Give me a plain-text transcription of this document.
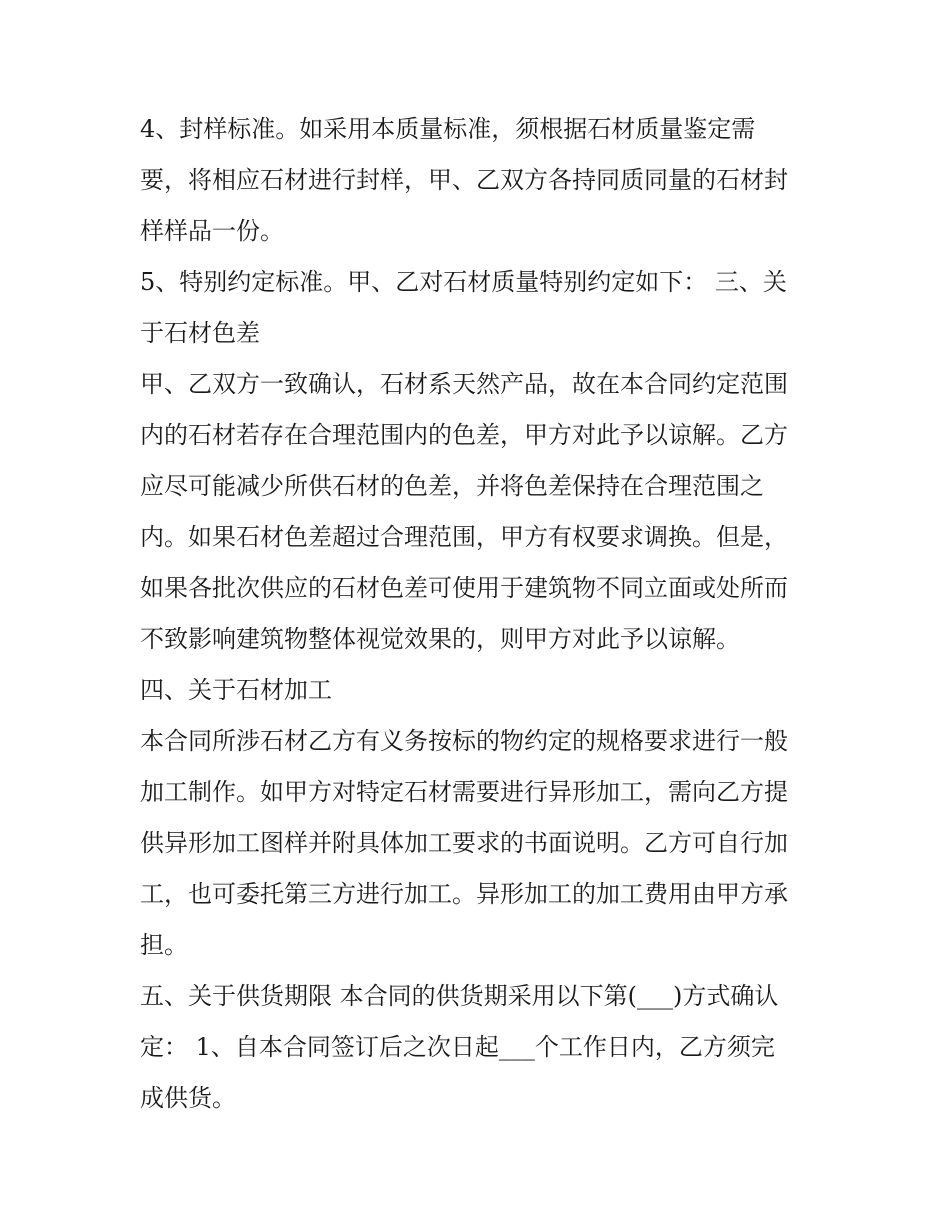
4、封样标准。如采用本质量标准，须根据石材质量鉴定需
要，将相应石材进行封样，甲、乙双方各持同质同量的石材封
样样品一份。
5、特别约定标准。甲、乙对石材质量特别约定如下： 三、关
于石材色差
甲、乙双方一致确认，石材系天然产品，故在本合同约定范围
内的石材若存在合理范围内的色差，甲方对此予以谅解。乙方
应尽可能减少所供石材的色差，并将色差保持在合理范围之
内。如果石材色差超过合理范围，甲方有权要求调换。但是，
如果各批次供应的石材色差可使用于建筑物不同立面或处所而
不致影响建筑物整体视觉效果的，则甲方对此予以谅解。
四、关于石材加工
本合同所涉石材乙方有义务按标的物约定的规格要求进行一般
加工制作。如甲方对特定石材需要进行异形加工，需向乙方提
供异形加工图样并附具体加工要求的书面说明。乙方可自行加
工，也可委托第三方进行加工。异形加工的加工费用由甲方承
担。
五、关于供货期限 本合同的供货期采用以下第(___)方式确认
定： 1、自本合同签订后之次日起___个工作日内，乙方须完
成供货。
